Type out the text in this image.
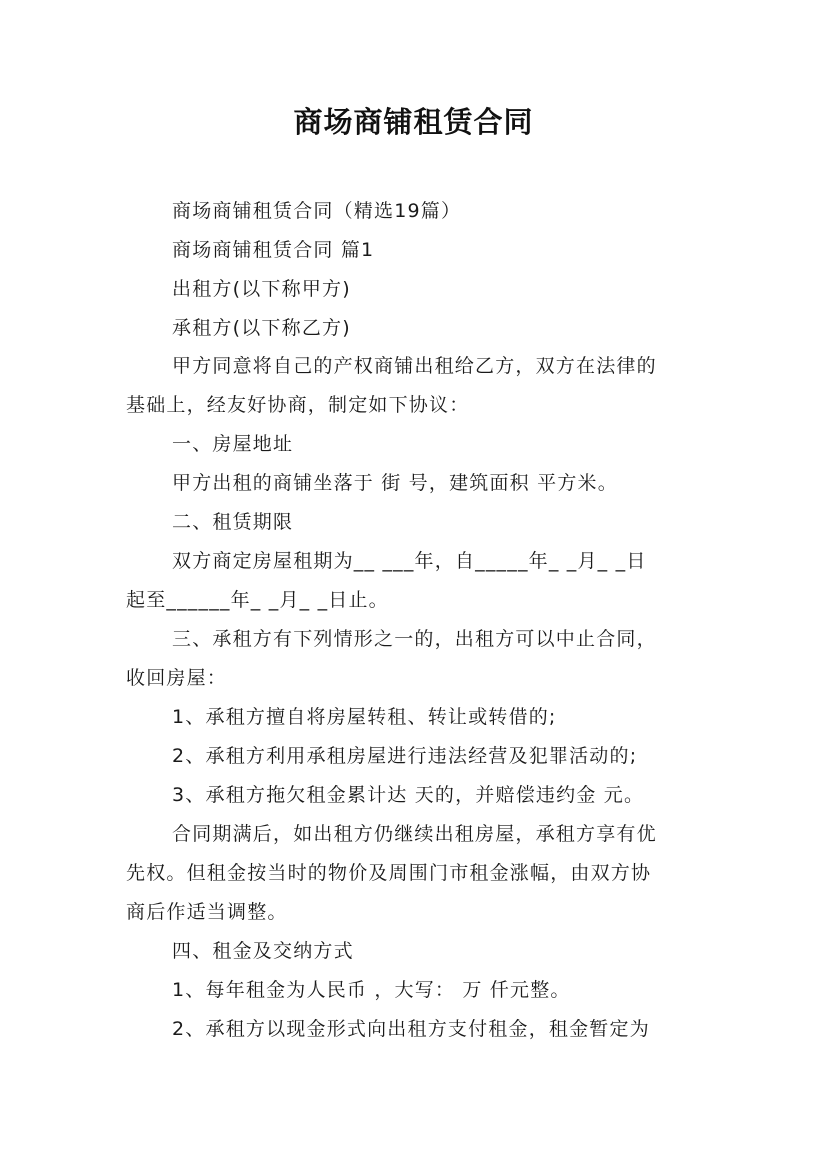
商场商铺租赁合同
商场商铺租赁合同（精选19篇）
商场商铺租赁合同 篇1
出租方(以下称甲方)
承租方(以下称乙方)
甲方同意将自己的产权商铺出租给乙方，双方在法律的
基础上，经友好协商，制定如下协议：
一、房屋地址
甲方出租的商铺坐落于 街 号，建筑面积 平方米。
二、租赁期限
双方商定房屋租期为__ ___年，自_____年_ _月_ _日
起至______年_ _月_ _日止。
三、承租方有下列情形之一的，出租方可以中止合同，
收回房屋：
1、承租方擅自将房屋转租、转让或转借的;
2、承租方利用承租房屋进行违法经营及犯罪活动的;
3、承租方拖欠租金累计达 天的，并赔偿违约金 元。
合同期满后，如出租方仍继续出租房屋，承租方享有优
先权。但租金按当时的物价及周围门市租金涨幅，由双方协
商后作适当调整。
四、租金及交纳方式
1、每年租金为人民币 ，大写： 万 仟元整。
2、承租方以现金形式向出租方支付租金，租金暂定为
